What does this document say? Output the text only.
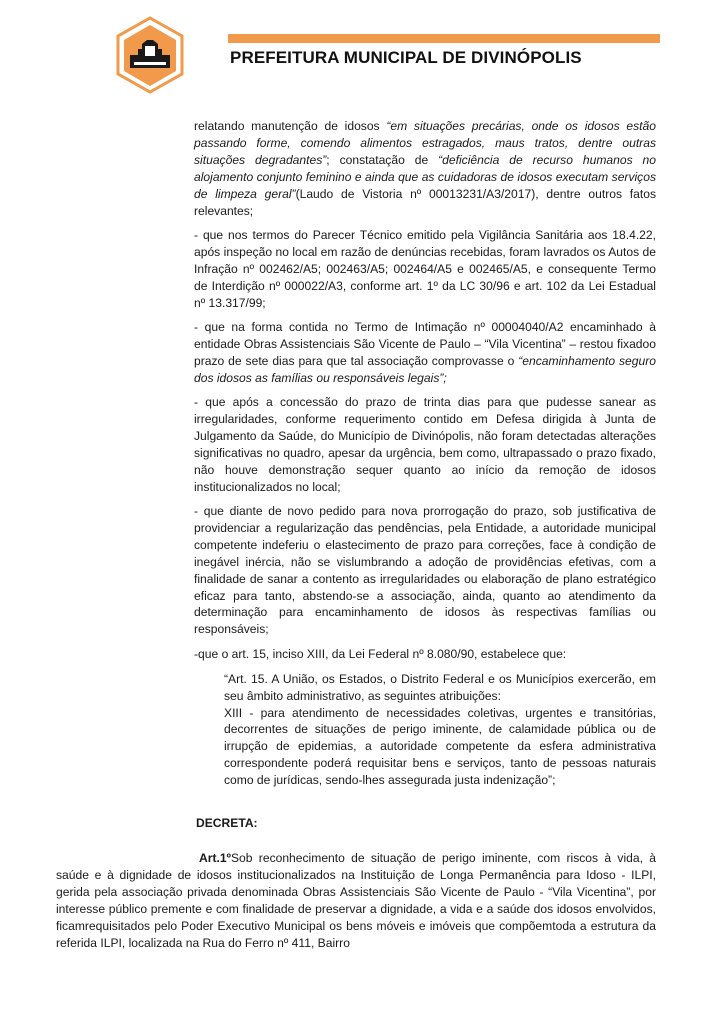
PREFEITURA MUNICIPAL DE DIVINÓPOLIS

relatando manutenção de idosos “em situações precárias, onde os idosos estão passando forme, comendo alimentos estragados, maus tratos, dentre outras situações degradantes”; constatação de “deficiência de recurso humanos no alojamento conjunto feminino e ainda que as cuidadoras de idosos executam serviços de limpeza geral”(Laudo de Vistoria nº 00013231/A3/2017), dentre outros fatos relevantes;

- que nos termos do Parecer Técnico emitido pela Vigilância Sanitária aos 18.4.22, após inspeção no local em razão de denúncias recebidas, foram lavrados os Autos de Infração nº 002462/A5; 002463/A5; 002464/A5 e 002465/A5, e consequente Termo de Interdição nº 000022/A3, conforme art. 1º da LC 30/96 e art. 102 da Lei Estadual nº 13.317/99;

- que na forma contida no Termo de Intimação nº 00004040/A2 encaminhado à entidade Obras Assistenciais São Vicente de Paulo – “Vila Vicentina” – restou fixadoo prazo de sete dias para que tal associação comprovasse o “encaminhamento seguro dos idosos as famílias ou responsáveis legais”;

- que após a concessão do prazo de trinta dias para que pudesse sanear as irregularidades, conforme requerimento contido em Defesa dirigida à Junta de Julgamento da Saúde, do Município de Divinópolis, não foram detectadas alterações significativas no quadro, apesar da urgência, bem como, ultrapassado o prazo fixado, não houve demonstração sequer quanto ao início da remoção de idosos institucionalizados no local;

- que diante de novo pedido para nova prorrogação do prazo, sob justificativa de providenciar a regularização das pendências, pela Entidade, a autoridade municipal competente indeferiu o elastecimento de prazo para correções, face à condição de inegável inércia, não se vislumbrando a adoção de providências efetivas, com a finalidade de sanar a contento as irregularidades ou elaboração de plano estratégico eficaz para tanto, abstendo-se a associação, ainda, quanto ao atendimento da determinação para encaminhamento de idosos às respectivas famílias ou responsáveis;

-que o art. 15, inciso XIII, da Lei Federal nº 8.080/90, estabelece que:

“Art. 15. A União, os Estados, o Distrito Federal e os Municípios exercerão, em seu âmbito administrativo, as seguintes atribuições:

XIII - para atendimento de necessidades coletivas, urgentes e transitórias, decorrentes de situações de perigo iminente, de calamidade pública ou de irrupção de epidemias, a autoridade competente da esfera administrativa correspondente poderá requisitar bens e serviços, tanto de pessoas naturais como de jurídicas, sendo-lhes assegurada justa indenização”;

DECRETA:

Art.1ºSob reconhecimento de situação de perigo iminente, com riscos à vida, à saúde e à dignidade de idosos institucionalizados na Instituição de Longa Permanência para Idoso - ILPI, gerida pela associação privada denominada Obras Assistenciais São Vicente de Paulo - “Vila Vicentina”, por interesse público premente e com finalidade de preservar a dignidade, a vida e a saúde dos idosos envolvidos, ficamrequisitados pelo Poder Executivo Municipal os bens móveis e imóveis que compõemtoda a estrutura da referida ILPI, localizada na Rua do Ferro nº 411, Bairro
